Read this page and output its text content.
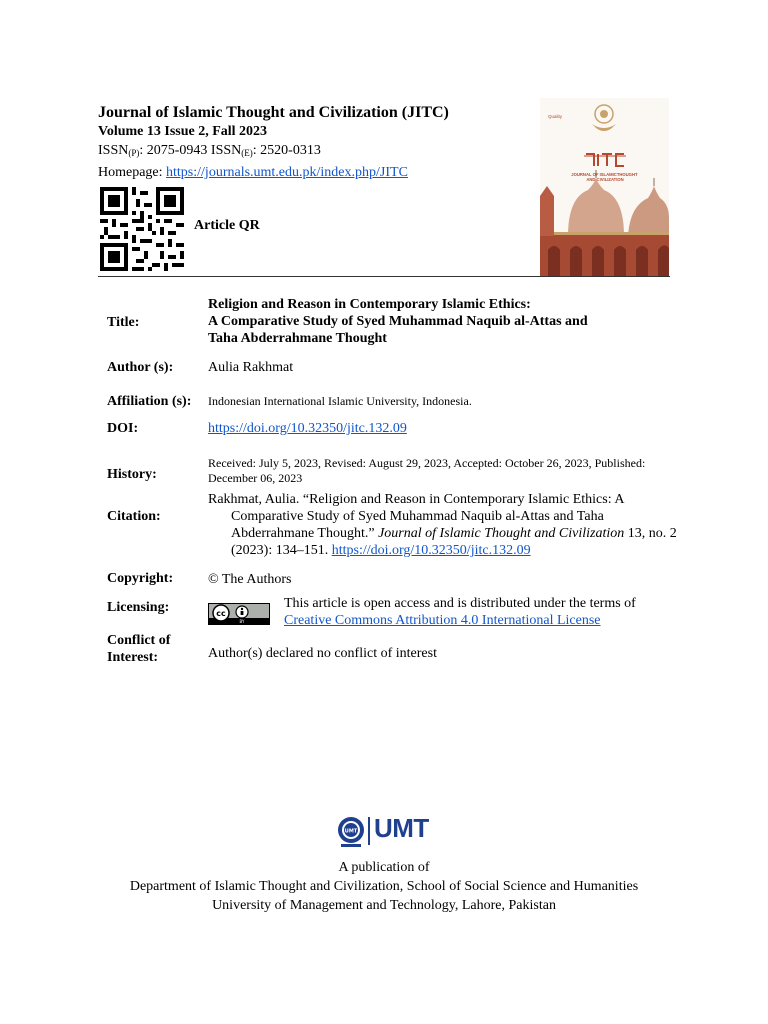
Journal of Islamic Thought and Civilization (JITC)
Volume 13 Issue 2, Fall 2023
$ISSN_{(P)}$: 2075-0943 $ISSN_{(E)}$: 2520-0313
Homepage: https://journals.umt.edu.pk/index.php/JITC
Article QR
Quality
JOURNAL OF ISLAMICTHOUGHT AND CIVILIZATION
Title:
Religion and Reason in Contemporary Islamic Ethics:
A Comparative Study of Syed Muhammad Naquib al-Attas and
Taha Abderrahmane Thought
Author (s): Aulia Rakhmat
Affiliation (s): Indonesian International Islamic University, Indonesia.
DOI:	https://doi.org/10.32350/jitc.132.09
History:
Received: July 5, 2023, Revised: August 29, 2023, Accepted: October 26, 2023, Published: December 06, 2023
Citation:
Rakhmat, Aulia. “Religion and Reason in Contemporary Islamic Ethics: A Comparative Study of Syed Muhammad Naquib al-Attas and Taha Abderrahmane Thought.” Journal of Islamic Thought and Civilization 13, no. 2 (2023): 134–151. https://doi.org/10.32350/jitc.132.09
Copyright: © The Authors
Licensing:	cc
BY
This article is open access and is distributed under the terms of
Creative Commons Attribution 4.0 International License
Conflict of
Interest:	Author(s) declared no conflict of interest
UMT UMT
A publication of
Department of Islamic Thought and Civilization, School of Social Science and Humanities
University of Management and Technology, Lahore, Pakistan
